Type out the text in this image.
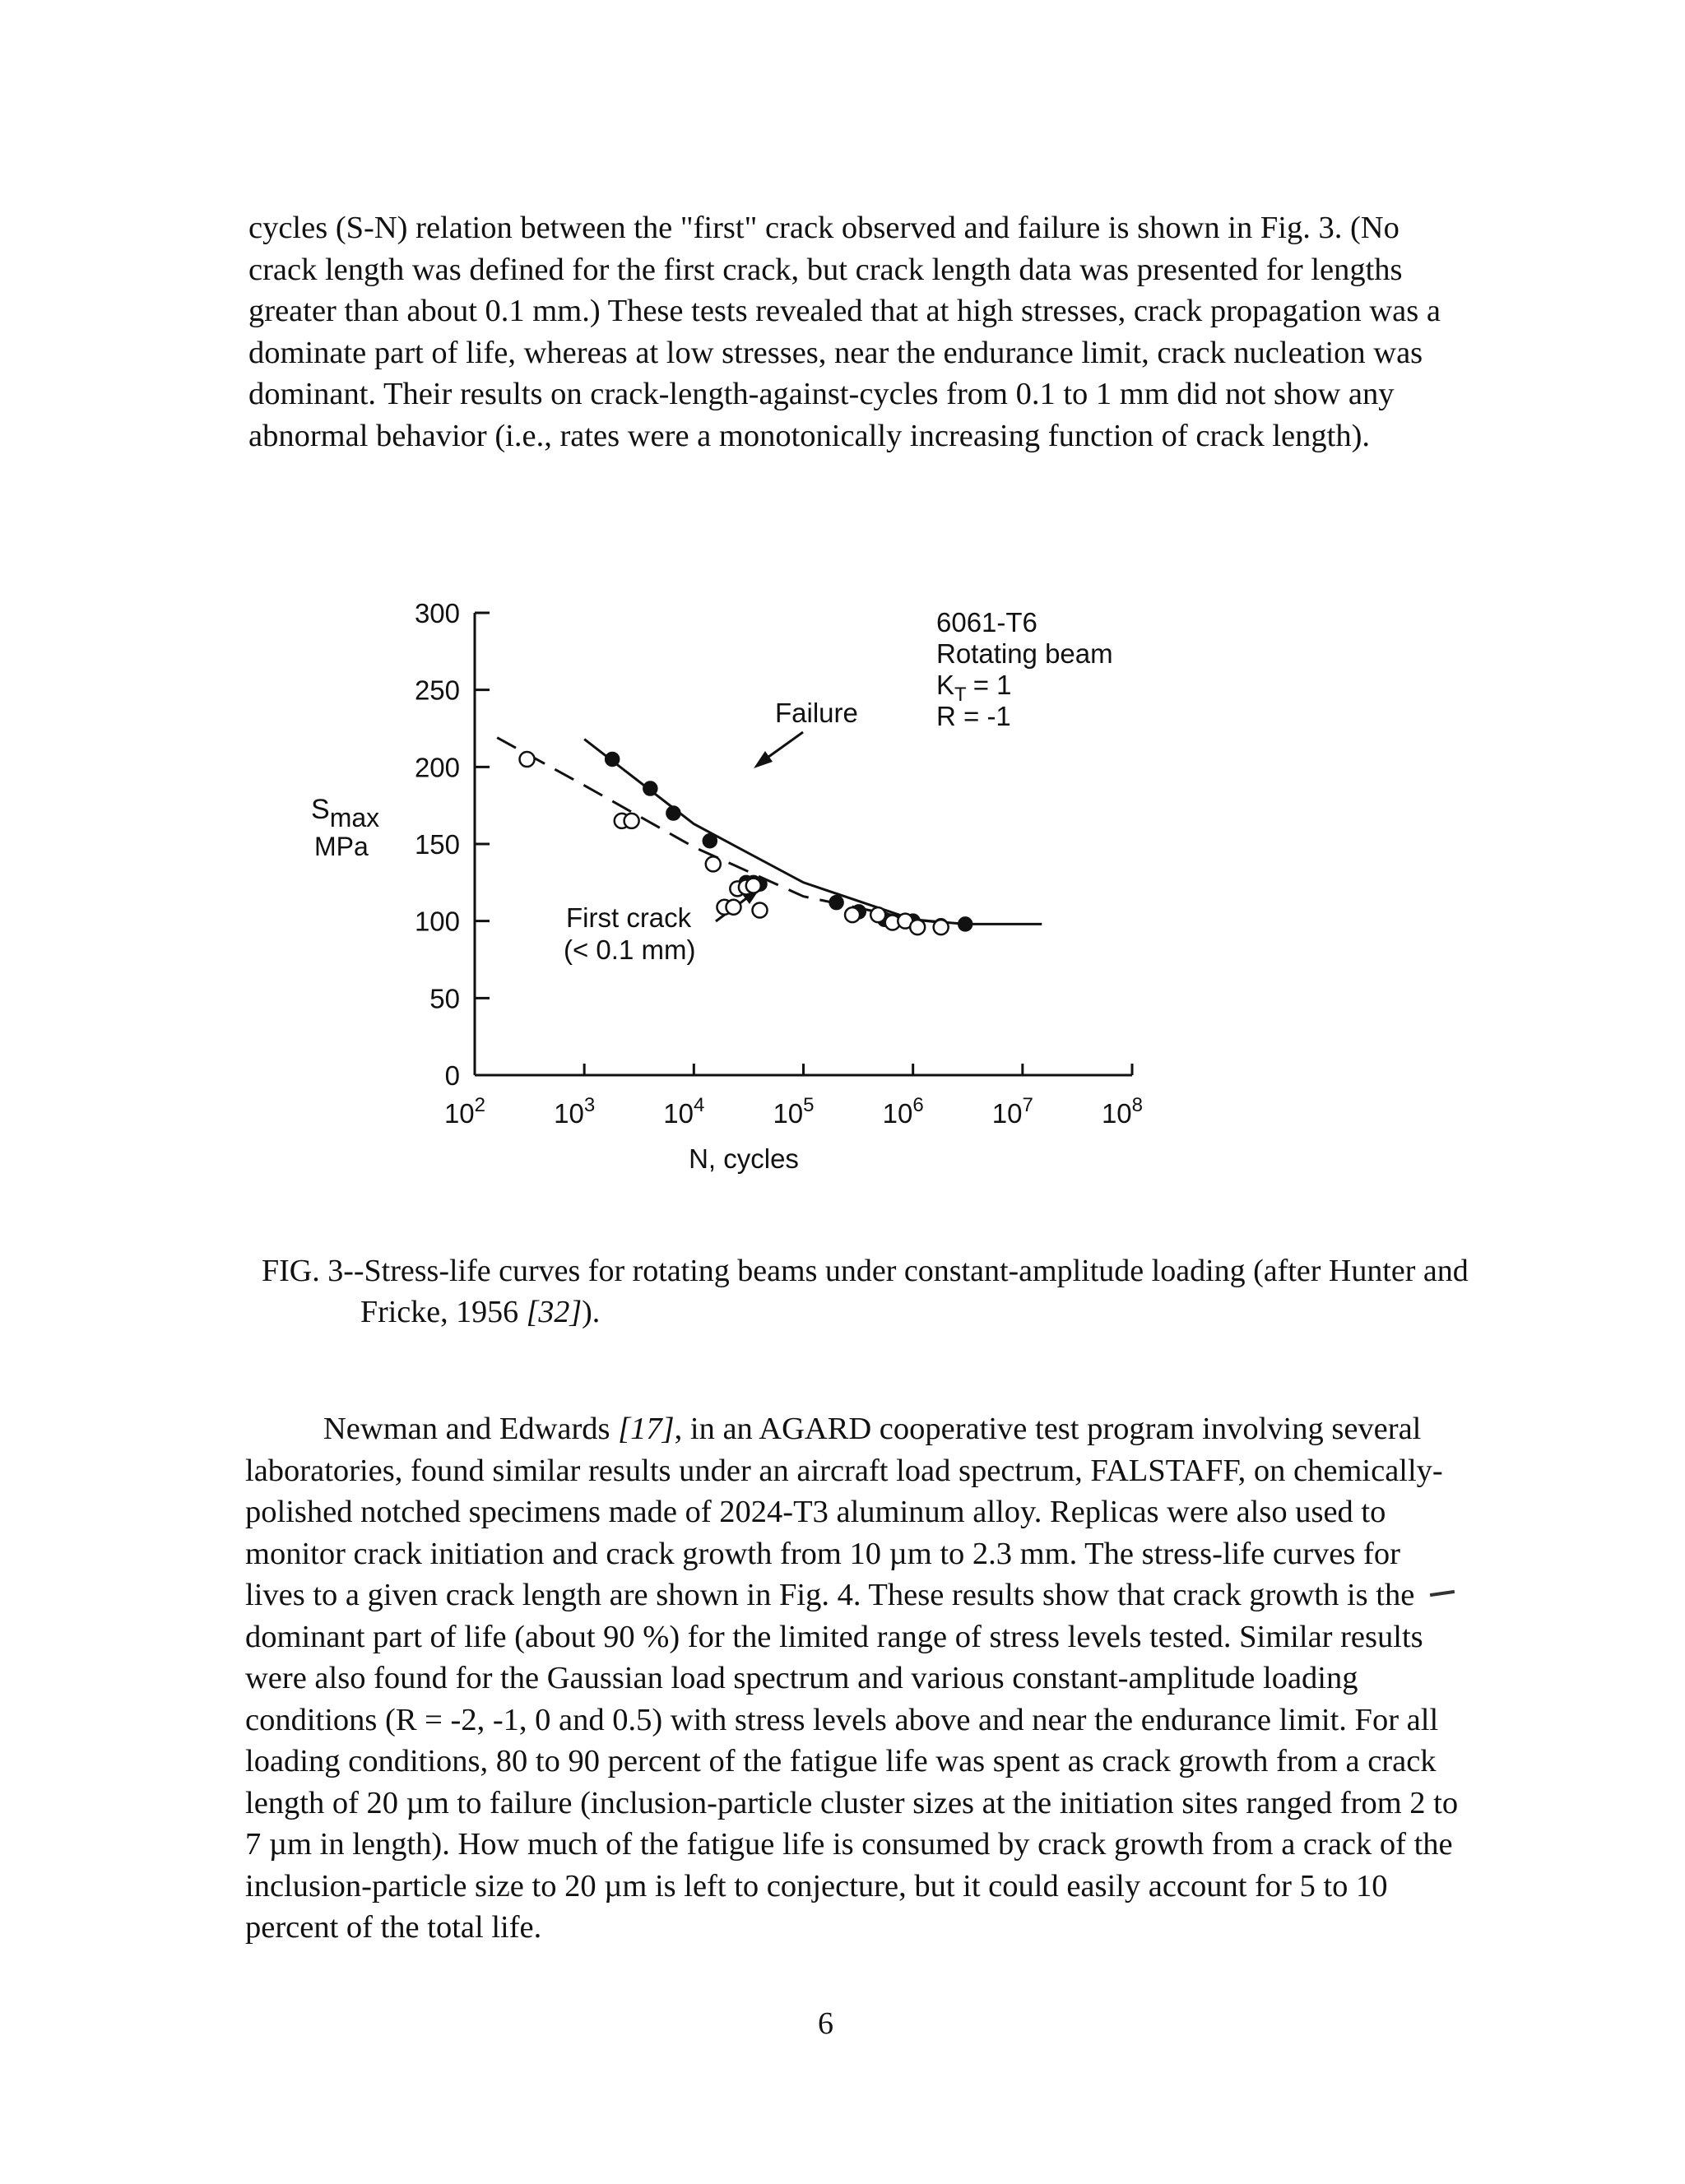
cycles (S-N) relation between the "first" crack observed and failure is shown in Fig. 3. (No crack length was defined for the first crack, but crack length data was presented for lengths greater than about 0.1 mm.) These tests revealed that at high stresses, crack propagation was a dominate part of life, whereas at low stresses, near the endurance limit, crack nucleation was dominant. Their results on crack-length-against-cycles from 0.1 to 1 mm did not show any abnormal behavior (i.e., rates were a monotonically increasing function of crack length).

Smax
MPa
N, cycles
6061-T6
Rotating beam
$K_T = 1$
R = -1
Failure
First crack
(< 0.1 mm)
0
50
100
150
200
250
300
$10^2$	$10^3$	$10^4$	$10^5$	$10^6$	$10^7$	$10^8$
FIG. 3--Stress-life curves for rotating beams under constant-amplitude loading (after Hunter and Fricke, 1956 [32]).

Newman and Edwards [17], in an AGARD cooperative test program involving several laboratories, found similar results under an aircraft load spectrum, FALSTAFF, on chemically-polished notched specimens made of 2024-T3 aluminum alloy. Replicas were also used to monitor crack initiation and crack growth from 10 µm to 2.3 mm. The stress-life curves for lives to a given crack length are shown in Fig. 4. These results show that crack growth is the dominant part of life (about 90 %) for the limited range of stress levels tested. Similar results were also found for the Gaussian load spectrum and various constant-amplitude loading conditions (R = -2, -1, 0 and 0.5) with stress levels above and near the endurance limit. For all loading conditions, 80 to 90 percent of the fatigue life was spent as crack growth from a crack length of 20 µm to failure (inclusion-particle cluster sizes at the initiation sites ranged from 2 to 7 µm in length). How much of the fatigue life is consumed by crack growth from a crack of the inclusion-particle size to 20 µm is left to conjecture, but it could easily account for 5 to 10 percent of the total life.

6
